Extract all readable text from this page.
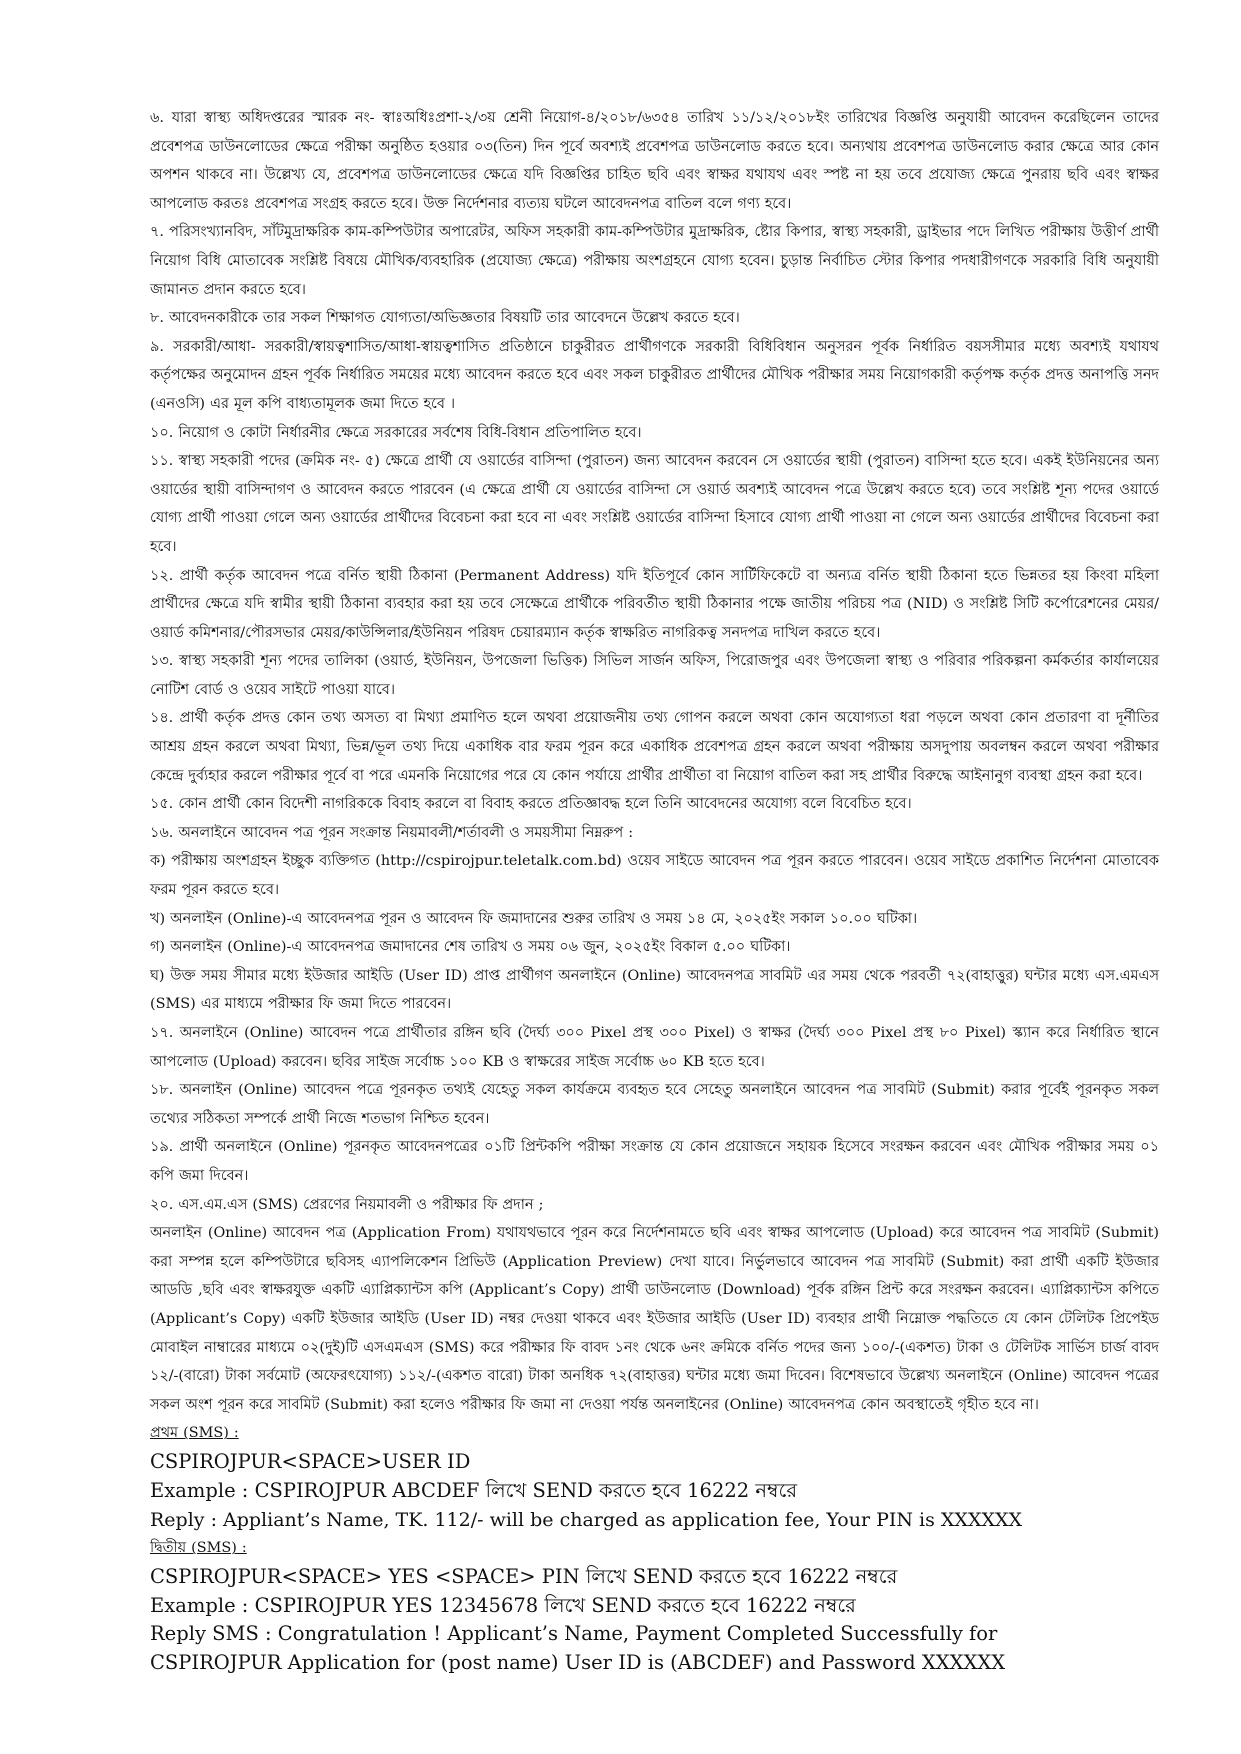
৬. যারা স্বাস্থ্য অধিদপ্তরের স্মারক নং- স্বাঃঅধিঃপ্রশা-২/৩য় শ্রেনী নিয়োগ-৪/২০১৮/৬৩৫৪ তারিখ ১১/১২/২০১৮ইং তারিখের বিজ্ঞপ্তি অনুযায়ী আবেদন করেছিলেন তাদের প্রবেশপত্র ডাউনলোডের ক্ষেত্রে পরীক্ষা অনুষ্ঠিত হওয়ার ০৩(তিন) দিন পূর্বে অবশ্যই প্রবেশপত্র ডাউনলোড করতে হবে। অন্যথায় প্রবেশপত্র ডাউনলোড করার ক্ষেত্রে আর কোন অপশন থাকবে না। উল্লেখ্য যে, প্রবেশপত্র ডাউনলোডের ক্ষেত্রে যদি বিজ্ঞপ্তির চাহিত ছবি এবং স্বাক্ষর যথাযথ এবং স্পষ্ট না হয় তবে প্রযোজ্য ক্ষেত্রে পুনরায় ছবি এবং স্বাক্ষর আপলোড করতঃ প্রবেশপত্র সংগ্রহ করতে হবে। উক্ত নির্দেশনার ব্যত্যয় ঘটলে আবেদনপত্র বাতিল বলে গণ্য হবে।

৭. পরিসংখ্যানবিদ, সাঁটমুদ্রাক্ষরিক কাম-কম্পিউটার অপারেটর, অফিস সহকারী কাম-কম্পিউটার মুদ্রাক্ষরিক, ষ্টোর কিপার, স্বাস্থ্য সহকারী, ড্রাইভার পদে লিখিত পরীক্ষায় উত্তীর্ণ প্রার্থী নিয়োগ বিধি মোতাবেক সংশ্লিষ্ট বিষয়ে মৌখিক/ব্যবহারিক (প্রযোজ্য ক্ষেত্রে) পরীক্ষায় অংশগ্রহনে যোগ্য হবেন। চুড়ান্ত নির্বাচিত স্টোর কিপার পদধারীগণকে সরকারি বিধি অনুযায়ী জামানত প্রদান করতে হবে।

৮. আবেদনকারীকে তার সকল শিক্ষাগত যোগ্যতা/অভিজ্ঞতার বিষয়টি তার আবেদনে উল্লেখ করতে হবে।

৯. সরকারী/আধা- সরকারী/স্বায়ত্বশাসিত/আধা-স্বায়ত্বশাসিত প্রতিষ্ঠানে চাকুরীরত প্রার্থীগণকে সরকারী বিধিবিধান অনুসরন পূর্বক নির্ধারিত বয়সসীমার মধ্যে অবশ্যই যথাযথ কর্তৃপক্ষের অনুমোদন গ্রহন পূর্বক নির্ধারিত সময়ের মধ্যে আবেদন করতে হবে এবং সকল চাকুরীরত প্রার্থীদের মৌখিক পরীক্ষার সময় নিয়োগকারী কর্তৃপক্ষ কর্তৃক প্রদত্ত অনাপত্তি সনদ (এনওসি) এর মূল কপি বাধ্যতামূলক জমা দিতে হবে ।

১০. নিয়োগ ও কোটা নির্ধারনীর ক্ষেত্রে সরকারের সর্বশেষ বিধি-বিধান প্রতিপালিত হবে।

১১. স্বাস্থ্য সহকারী পদের (ক্রমিক নং- ৫) ক্ষেত্রে প্রার্থী যে ওয়ার্ডের বাসিন্দা (পুরাতন) জন্য আবেদন করবেন সে ওয়ার্ডের স্থায়ী (পুরাতন) বাসিন্দা হতে হবে। একই ইউনিয়নের অন্য ওয়ার্ডের স্থায়ী বাসিন্দাগণ ও আবেদন করতে পারবেন (এ ক্ষেত্রে প্রার্থী যে ওয়ার্ডের বাসিন্দা সে ওয়ার্ড অবশ্যই আবেদন পত্রে উল্লেখ করতে হবে) তবে সংশ্লিষ্ট শূন্য পদের ওয়ার্ডে যোগ্য প্রার্থী পাওয়া গেলে অন্য ওয়ার্ডের প্রার্থীদের বিবেচনা করা হবে না এবং সংশ্লিষ্ট ওয়ার্ডের বাসিন্দা হিসাবে যোগ্য প্রার্থী পাওয়া না গেলে অন্য ওয়ার্ডের প্রার্থীদের বিবেচনা করা হবে।

১২. প্রার্থী কর্তৃক আবেদন পত্রে বর্নিত স্থায়ী ঠিকানা (Permanent Address) যদি ইতিপূর্বে কোন সার্টিফিকেটে বা অন্যত্র বর্নিত স্থায়ী ঠিকানা হতে ভিন্নতর হয় কিংবা মহিলা প্রার্থীদের ক্ষেত্রে যদি স্বামীর স্থায়ী ঠিকানা ব্যবহার করা হয় তবে সেক্ষেত্রে প্রার্থীকে পরিবর্তীত স্থায়ী ঠিকানার পক্ষে জাতীয় পরিচয় পত্র (NID) ও সংশ্লিষ্ট সিটি কর্পোরেশনের মেয়র/ওয়ার্ড কমিশনার/পৌরসভার মেয়র/কাউন্সিলার/ইউনিয়ন পরিষদ চেয়ারম্যান কর্তৃক স্বাক্ষরিত নাগরিকত্ব সনদপত্র দাখিল করতে হবে।

১৩. স্বাস্থ্য সহকারী শূন্য পদের তালিকা (ওয়ার্ড, ইউনিয়ন, উপজেলা ভিত্তিক) সিভিল সার্জন অফিস, পিরোজপুর এবং উপজেলা স্বাস্থ্য ও পরিবার পরিকল্পনা কর্মকর্তার কার্যালয়ের নোটিশ বোর্ড ও ওয়েব সাইটে পাওয়া যাবে।

১৪. প্রার্থী কর্তৃক প্রদত্ত কোন তথ্য অসত্য বা মিথ্যা প্রমাণিত হলে অথবা প্রয়োজনীয় তথ্য গোপন করলে অথবা কোন অযোগ্যতা ধরা পড়লে অথবা কোন প্রতারণা বা দূর্নীতির আশ্রয় গ্রহন করলে অথবা মিথ্যা, ভিন্ন/ভূল তথ্য দিয়ে একাধিক বার ফরম পূরন করে একাধিক প্রবেশপত্র গ্রহন করলে অথবা পরীক্ষায় অসদুপায় অবলম্বন করলে অথবা পরীক্ষার কেন্দ্রে দুর্ব্যহার করলে পরীক্ষার পূর্বে বা পরে এমনকি নিয়োগের পরে যে কোন পর্যায়ে প্রার্থীর প্রার্থীতা বা নিয়োগ বাতিল করা সহ প্রার্থীর বিরুদ্ধে আইনানুগ ব্যবস্থা গ্রহন করা হবে।

১৫. কোন প্রার্থী কোন বিদেশী নাগরিককে বিবাহ করলে বা বিবাহ করতে প্রতিজ্ঞাবদ্ধ হলে তিনি আবেদনের অযোগ্য বলে বিবেচিত হবে।

১৬. অনলাইনে আবেদন পত্র পূরন সংক্রান্ত নিয়মাবলী/শর্তাবলী ও সময়সীমা নিম্নরুপ :

ক) পরীক্ষায় অংশগ্রহন ইচ্ছুক ব্যক্তিগত (http://cspirojpur.teletalk.com.bd) ওয়েব সাইডে আবেদন পত্র পূরন করতে পারবেন। ওয়েব সাইডে প্রকাশিত নির্দেশনা মোতাবেক ফরম পূরন করতে হবে।

খ) অনলাইন (Online)-এ আবেদনপত্র পূরন ও আবেদন ফি জমাদানের শুরুর তারিখ ও সময় ১৪ মে, ২০২৫ইং সকাল ১০.০০ ঘটিকা।

গ) অনলাইন (Online)-এ আবেদনপত্র জমাদানের শেষ তারিখ ও সময় ০৬ জুন, ২০২৫ইং বিকাল ৫.০০ ঘটিকা।

ঘ) উক্ত সময় সীমার মধ্যে ইউজার আইডি (User ID) প্রাপ্ত প্রার্থীগণ অনলাইনে (Online) আবেদনপত্র সাবমিট এর সময় থেকে পরবর্তী ৭২(বাহাত্তুর) ঘন্টার মধ্যে এস.এমএস (SMS) এর মাধ্যমে পরীক্ষার ফি জমা দিতে পারবেন।

১৭. অনলাইনে (Online) আবেদন পত্রে প্রার্থীতার রঙ্গিন ছবি (দৈর্ঘ্য ৩০০ Pixel প্রস্থ ৩০০ Pixel) ও স্বাক্ষর (দৈর্ঘ্য ৩০০ Pixel প্রস্থ ৮০ Pixel) স্ক্যান করে নির্ধারিত স্থানে আপলোড (Upload) করবেন। ছবির সাইজ সর্বোচ্চ ১০০ KB ও স্বাক্ষরের সাইজ সর্বোচ্চ ৬০ KB হতে হবে।

১৮. অনলাইন (Online) আবেদন পত্রে পূরনকৃত তথ্যই যেহেতু সকল কার্যক্রমে ব্যবহৃত হবে সেহেতু অনলাইনে আবেদন পত্র সাবমিট (Submit) করার পূর্বেই পূরনকৃত সকল তথ্যের সঠিকতা সম্পর্কে প্রার্থী নিজে শতভাগ নিশ্চিত হবেন।

১৯. প্রার্থী অনলাইনে (Online) পূরনকৃত আবেদনপত্রের ০১টি প্রিন্টকপি পরীক্ষা সংক্রান্ত যে কোন প্রয়োজনে সহায়ক হিসেবে সংরক্ষন করবেন এবং মৌখিক পরীক্ষার সময় ০১ কপি জমা দিবেন।

২০. এস.এম.এস (SMS) প্রেরণের নিয়মাবলী ও পরীক্ষার ফি প্রদান ;

অনলাইন (Online) আবেদন পত্র (Application From) যথাযথভাবে পূরন করে নির্দেশনামতে ছবি এবং স্বাক্ষর আপলোড (Upload) করে আবেদন পত্র সাবমিট (Submit) করা সম্পন্ন হলে কম্পিউটারে ছবিসহ এ্যাপলিকেশন প্রিভিউ (Application Preview) দেখা যাবে। নির্ভুলভাবে আবেদন পত্র সাবমিট (Submit) করা প্রার্থী একটি ইউজার আডডি ,ছবি এবং স্বাক্ষরযুক্ত একটি এ্যাপ্লিক্যান্টস কপি (Applicant’s Copy) প্রার্থী ডাউনলোড (Download) পূর্বক রঙ্গিন প্রিন্ট করে সংরক্ষন করবেন। এ্যাপ্লিক্যান্টস কপিতে (Applicant’s Copy) একটি ইউজার আইডি (User ID) নম্বর দেওয়া থাকবে এবং ইউজার আইডি (User ID) ব্যবহার প্রার্থী নিম্নোক্ত পদ্ধতিতে যে কোন টেলিটক প্রিপেইড মোবাইল নাম্বারের মাধ্যমে ০২(দুই)টি এসএমএস (SMS) করে পরীক্ষার ফি বাবদ ১নং থেকে ৬নং ক্রমিকে বর্নিত পদের জন্য ১০০/-(একশত) টাকা ও টেলিটক সার্ভিস চার্জ বাবদ ১২/-(বারো) টাকা সর্বমোট (অফেরৎযোগ্য) ১১২/-(একশত বারো) টাকা অনধিক ৭২(বাহাত্তর) ঘন্টার মধ্যে জমা দিবেন। বিশেষভাবে উল্লেখ্য অনলাইনে (Online) আবেদন পত্রের সকল অংশ পূরন করে সাবমিট (Submit) করা হলেও পরীক্ষার ফি জমা না দেওয়া পর্যন্ত অনলাইনের (Online) আবেদনপত্র কোন অবস্থাতেই গৃহীত হবে না।

প্রথম (SMS) :

CSPIROJPUR<SPACE>USER ID

Example : CSPIROJPUR ABCDEF লিখে SEND করতে হবে 16222 নম্বরে

Reply : Appliant’s Name, TK. 112/- will be charged as application fee, Your PIN is XXXXXX

দ্বিতীয় (SMS) :

CSPIROJPUR<SPACE> YES <SPACE> PIN লিখে SEND করতে হবে 16222 নম্বরে

Example : CSPIROJPUR YES 12345678 লিখে SEND করতে হবে 16222 নম্বরে

Reply SMS : Congratulation ! Applicant’s Name, Payment Completed Successfully for

CSPIROJPUR Application for (post name) User ID is (ABCDEF) and Password XXXXXX
